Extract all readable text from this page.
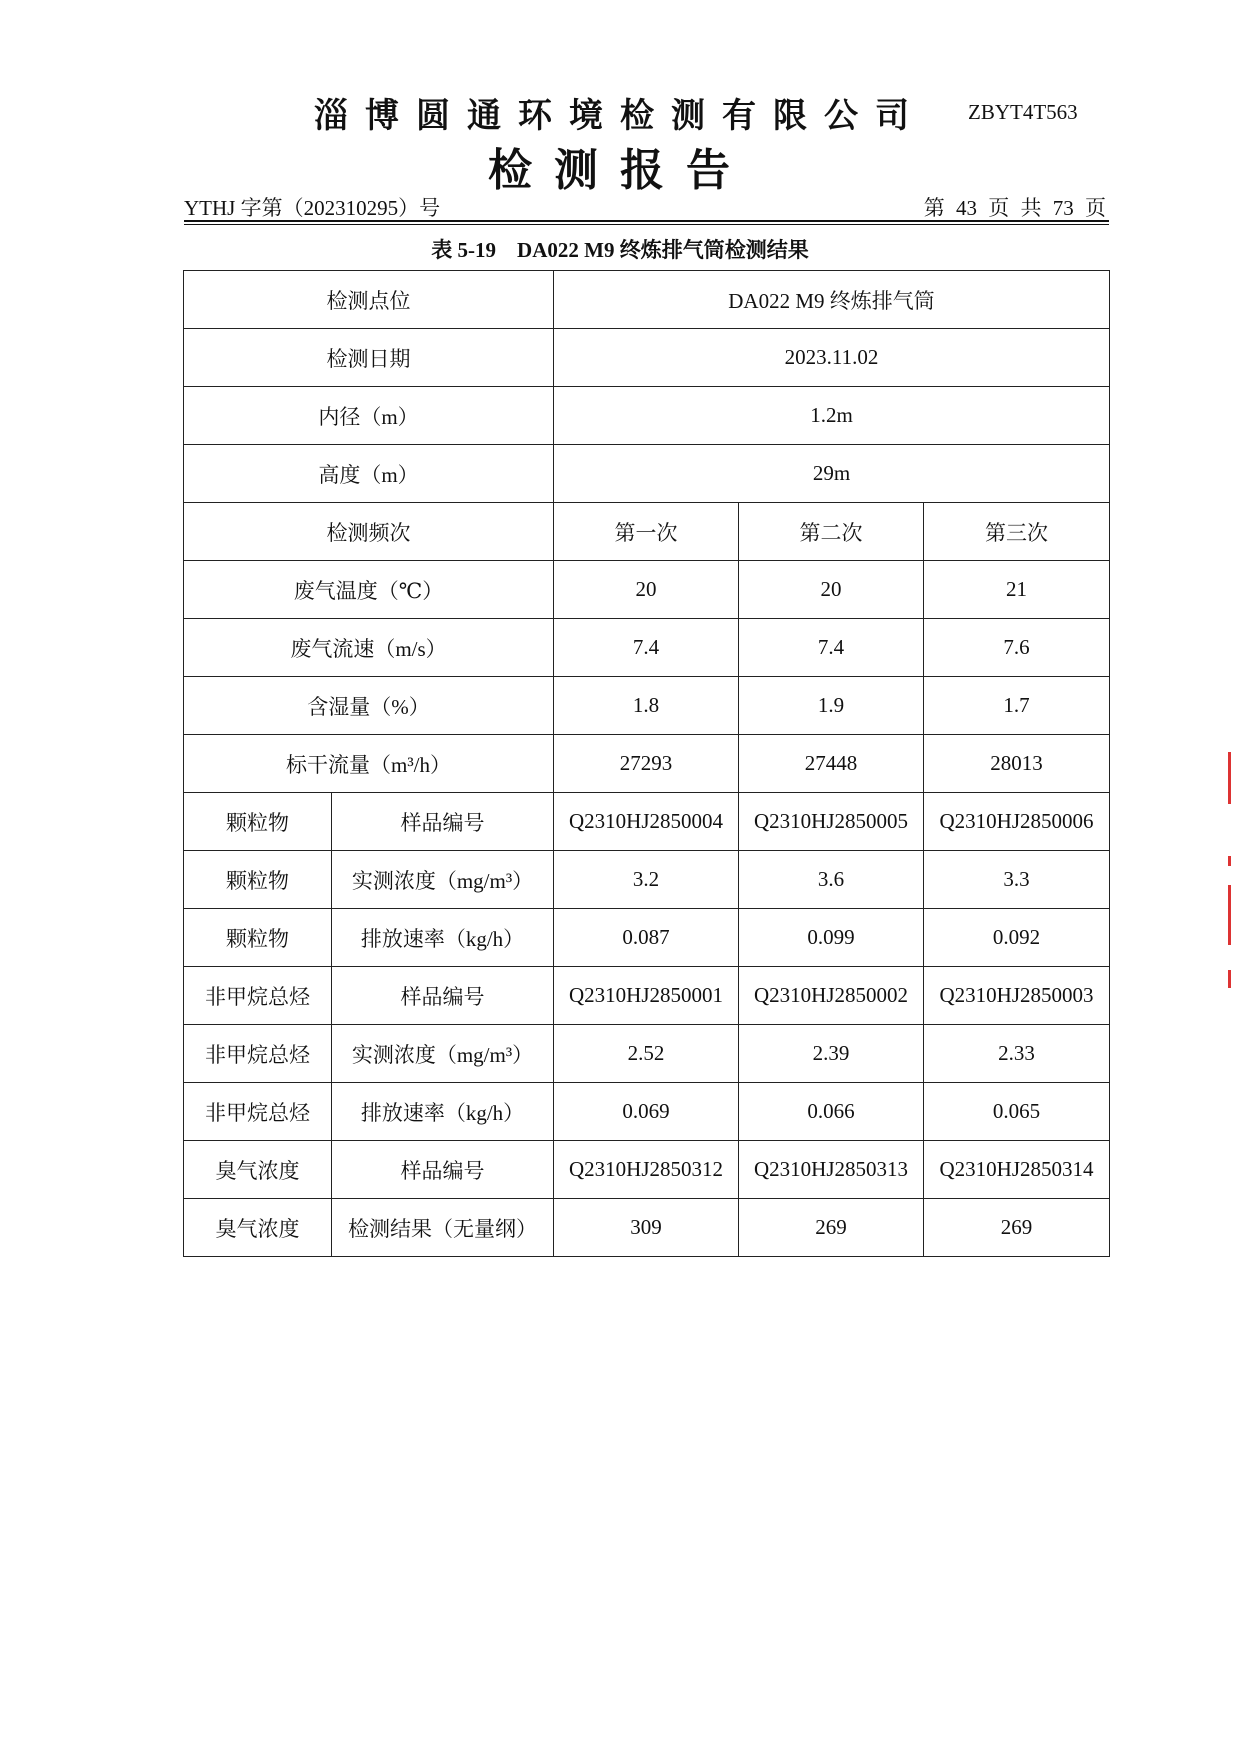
淄博圆通环境检测有限公司	ZBYT4T563
检测报告
YTHJ 字第（202310295）号	第 43 页 共 73 页
表 5-19    DA022 M9 终炼排气筒检测结果
检测点位		DA022 M9 终炼排气筒		
检测日期		2023.11.02		
内径（m）		1.2m		
高度（m）		29m		
检测频次		第一次	第二次	第三次
废气温度（℃）		20	20	21
废气流速（m/s）		7.4	7.4	7.6
含湿量（%）		1.8	1.9	1.7
标干流量（m³/h）		27293	27448	28013
颗粒物	样品编号	Q2310HJ2850004	Q2310HJ2850005	Q2310HJ2850006
颗粒物	实测浓度（mg/m³）	3.2	3.6	3.3
颗粒物	排放速率（kg/h）	0.087	0.099	0.092
非甲烷总烃	样品编号	Q2310HJ2850001	Q2310HJ2850002	Q2310HJ2850003
非甲烷总烃	实测浓度（mg/m³）	2.52	2.39	2.33
非甲烷总烃	排放速率（kg/h）	0.069	0.066	0.065
臭气浓度	样品编号	Q2310HJ2850312	Q2310HJ2850313	Q2310HJ2850314
臭气浓度	检测结果（无量纲）	309	269	269
